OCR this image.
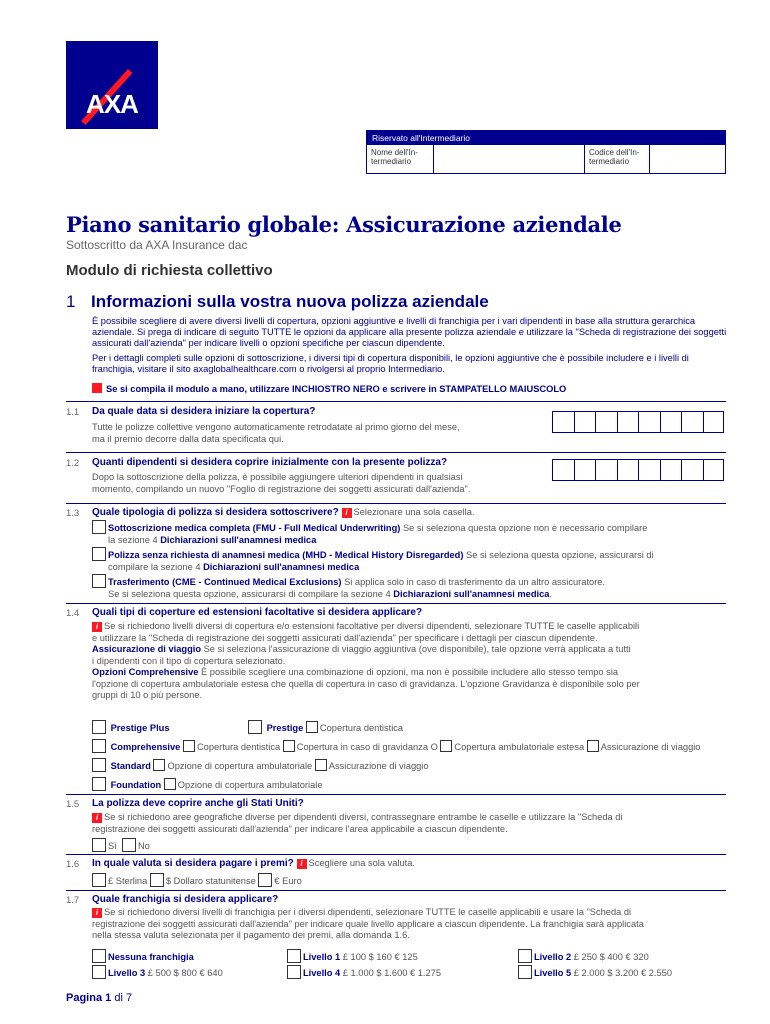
AXA
Riservato all'Intermediario
Nome dell'In-
termediario
Codice dell'In-
termediario
Piano sanitario globale: Assicurazione aziendale
Sottoscritto da AXA Insurance dac
Modulo di richiesta collettivo
1 Informazioni sulla vostra nuova polizza aziendale

È possibile scegliere di avere diversi livelli di copertura, opzioni aggiuntive e livelli di franchigia per i vari dipendenti in base alla struttura gerarchica aziendale. Si prega di indicare di seguito TUTTE le opzioni da applicare alla presente polizza aziendale e utilizzare la "Scheda di registrazione dei soggetti assicurati dall'azienda" per indicare livelli o opzioni specifiche per ciascun dipendente.

Per i dettagli completi sulle opzioni di sottoscrizione, i diversi tipi di copertura disponibili, le opzioni aggiuntive che è possibile includere e i livelli di franchigia, visitare il sito axaglobalhealthcare.com o rivolgersi al proprio Intermediario.

Se si compila il modulo a mano, utilizzare INCHIOSTRO NERO e scrivere in STAMPATELLO MAIUSCOLO
1.1 Da quale data si desidera iniziare la copertura?
Tutte le polizze collettive vengono automaticamente retrodatate al primo giorno del mese,
ma il premio decorre dalla data specificata qui.
1.2 Quanti dipendenti si desidera coprire inizialmente con la presente polizza?
Dopo la sottoscrizione della polizza, è possibile aggiungere ulteriori dipendenti in qualsiasi
momento, compilando un nuovo "Foglio di registrazione dei soggetti assicurati dall'azienda".
1.3 Quale tipologia di polizza si desidera sottoscrivere? i Selezionare una sola casella.
Sottoscrizione medica completa (FMU - Full Medical Underwriting) Se si seleziona questa opzione non è necessario compilare
la sezione 4 Dichiarazioni sull'anamnesi medica
Polizza senza richiesta di anamnesi medica (MHD - Medical History Disregarded) Se si seleziona questa opzione, assicurarsi di
compilare la sezione 4 Dichiarazioni sull'anamnesi medica
Trasferimento (CME - Continued Medical Exclusions) Si applica solo in caso di trasferimento da un altro assicuratore.
Se si seleziona questa opzione, assicurarsi di compilare la sezione 4 Dichiarazioni sull'anamnesi medica.
1.4 Quali tipi di coperture ed estensioni facoltative si desidera applicare?
i Se si richiedono livelli diversi di copertura e/o estensioni facoltative per diversi dipendenti, selezionare TUTTE le caselle applicabili
e utilizzare la "Scheda di registrazione dei soggetti assicurati dall'azienda" per specificare i dettagli per ciascun dipendente.
Assicurazione di viaggio Se si seleziona l'assicurazione di viaggio aggiuntiva (ove disponibile), tale opzione verrà applicata a tutti
i dipendenti con il tipo di copertura selezionato.
Opzioni Comprehensive È possibile scegliere una combinazione di opzioni, ma non è possibile includere allo stesso tempo sia
l'opzione di copertura ambulatoriale estesa che quella di copertura in caso di gravidanza. L'opzione Gravidanza è disponibile solo per
gruppi di 10 o più persone.
Prestige Plus	Prestige Copertura dentistica
Comprehensive Copertura dentistica Copertura in caso di gravidanza O Copertura ambulatoriale estesa Assicurazione di viaggio
Standard Opzione di copertura ambulatoriale Assicurazione di viaggio
Foundation Opzione di copertura ambulatoriale
1.5 La polizza deve coprire anche gli Stati Uniti?
i Se si richiedono aree geografiche diverse per dipendenti diversi, contrassegnare entrambe le caselle e utilizzare la "Scheda di
registrazione dei soggetti assicurati dall'azienda" per indicare l'area applicabile a ciascun dipendente.
Sì No
1.6 In quale valuta si desidera pagare i premi? i Scegliere una sola valuta.
£ Sterlina $ Dollaro statunitense € Euro
1.7 Quale franchigia si desidera applicare?
i Se si richiedono diversi livelli di franchigia per i diversi dipendenti, selezionare TUTTE le caselle applicabili e usare la "Scheda di
registrazione dei soggetti assicurati dall'azienda" per indicare quale livello applicare a ciascun dipendente. La franchigia sarà applicata
nella stessa valuta selezionata per il pagamento dei premi, alla domanda 1.6.
Nessuna franchigia	Livello 1 £ 100 $ 160 € 125	Livello 2 £ 250 $ 400 € 320
Livello 3 £ 500 $ 800 € 640	Livello 4 £ 1.000 $ 1.600 € 1.275	Livello 5 £ 2.000 $ 3.200 € 2.550
Pagina 1 di 7
